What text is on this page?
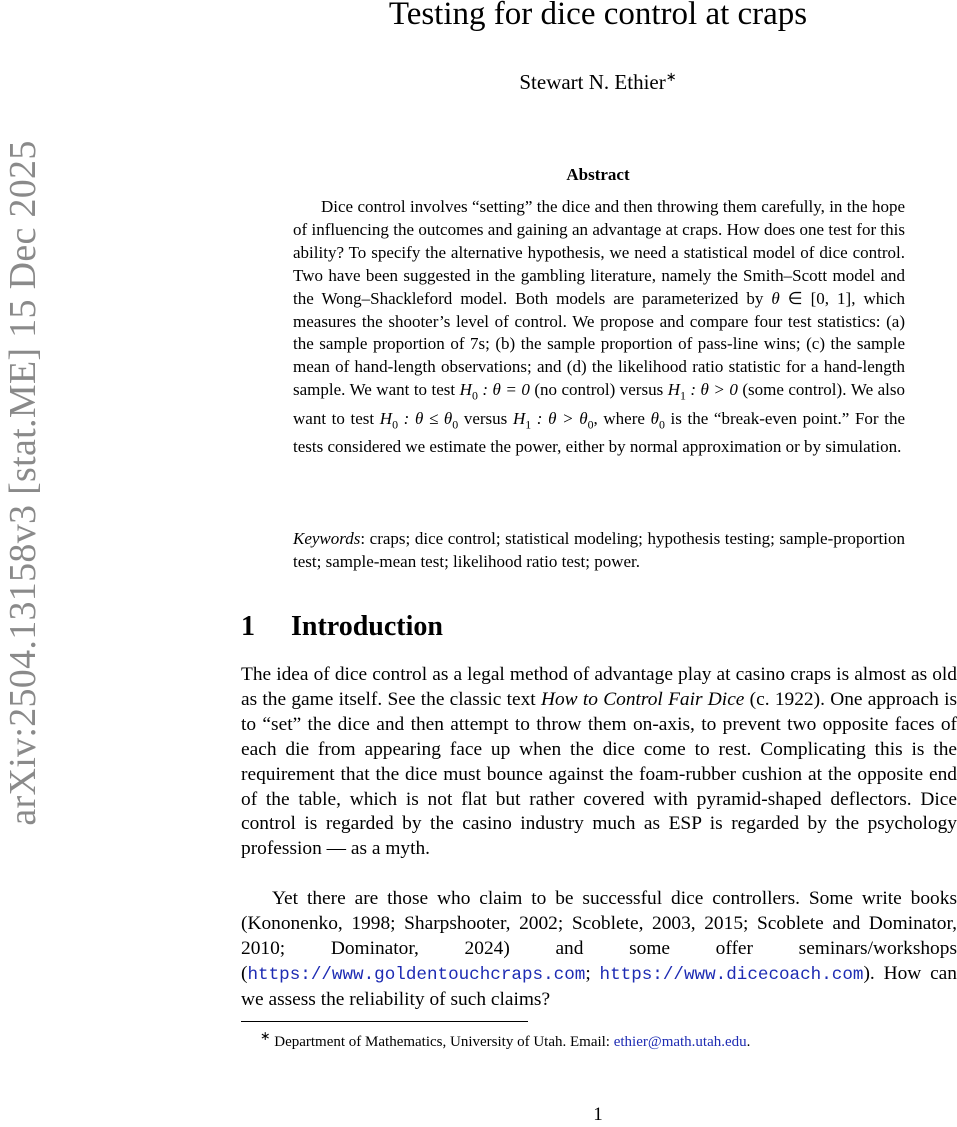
arXiv:2504.13158v3 [stat.ME] 15 Dec 2025
Testing for dice control at craps
Stewart N. Ethier∗
Abstract

Dice control involves “setting” the dice and then throwing them carefully, in the hope of influencing the outcomes and gaining an advantage at craps. How does one test for this ability? To specify the alternative hypothesis, we need a statistical model of dice control. Two have been suggested in the gambling literature, namely the Smith–Scott model and the Wong–Shackleford model. Both models are parameterized by θ ∈ [0, 1], which measures the shooter’s level of control. We propose and compare four test statistics: (a) the sample proportion of 7s; (b) the sample proportion of pass-line wins; (c) the sample mean of hand-length observations; and (d) the likelihood ratio statistic for a hand-length sample. We want to test $H_0$ : θ = 0 (no control) versus $H_1$ : θ > 0 (some control). We also want to test $H_0$ : $\theta \le \theta_0$ versus $H_1$ : $\theta > \theta_0$, where $\theta_0$ is the “break-even point.” For the tests considered we estimate the power, either by normal approximation or by simulation.

Keywords: craps; dice control; statistical modeling; hypothesis testing; sample-proportion test; sample-mean test; likelihood ratio test; power.

1 Introduction

The idea of dice control as a legal method of advantage play at casino craps is almost as old as the game itself. See the classic text How to Control Fair Dice (c. 1922). One approach is to “set” the dice and then attempt to throw them on-axis, to prevent two opposite faces of each die from appearing face up when the dice come to rest. Complicating this is the requirement that the dice must bounce against the foam-rubber cushion at the opposite end of the table, which is not flat but rather covered with pyramid-shaped deflectors. Dice control is regarded by the casino industry much as ESP is regarded by the psychology profession — as a myth.

Yet there are those who claim to be successful dice controllers. Some write books (Kononenko, 1998; Sharpshooter, 2002; Scoblete, 2003, 2015; Scoblete and Dominator, 2010; Dominator, 2024) and some offer seminars/workshops (https://www.goldentouchcraps.com; https://www.dicecoach.com). How can we assess the reliability of such claims?

∗ Department of Mathematics, University of Utah. Email: ethier@math.utah.edu.
1
